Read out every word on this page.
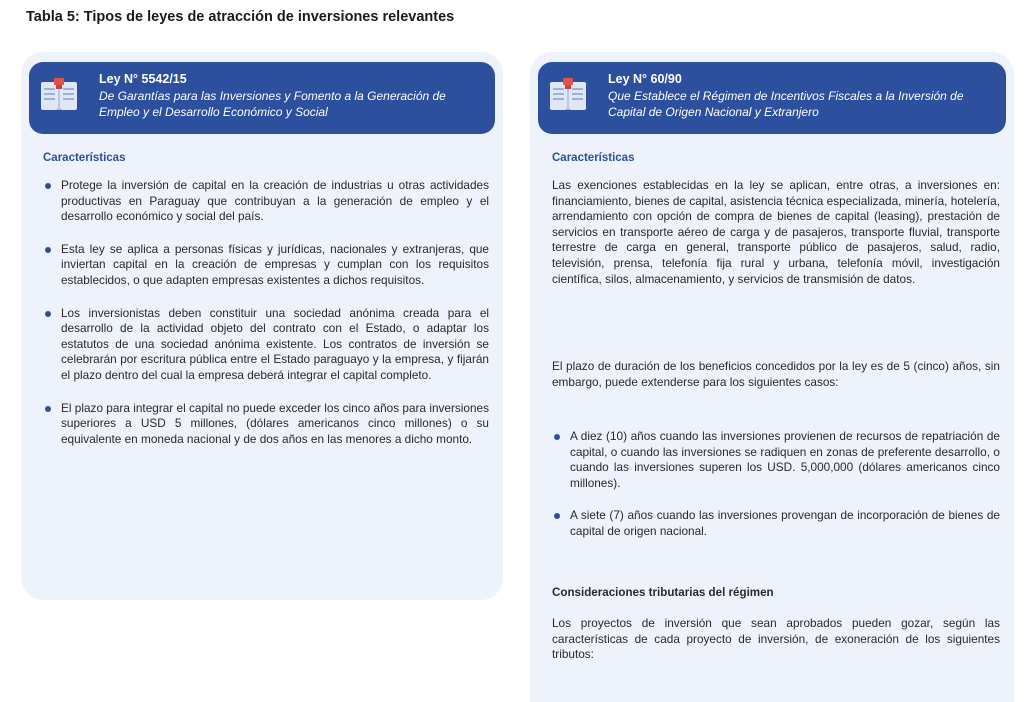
Tabla 5: Tipos de leyes de atracción de inversiones relevantes
Ley N° 5542/15
De Garantías para las Inversiones y Fomento a la Generación de Empleo y el Desarrollo Económico y Social
Características
Protege la inversión de capital en la creación de industrias u otras actividades productivas en Paraguay que contribuyan a la generación de empleo y el desarrollo económico y social del país.
Esta ley se aplica a personas físicas y jurídicas, nacionales y extranjeras, que inviertan capital en la creación de empresas y cumplan con los requisitos establecidos, o que adapten empresas existentes a dichos requisitos.
Los inversionistas deben constituir una sociedad anónima creada para el desarrollo de la actividad objeto del contrato con el Estado, o adaptar los estatutos de una sociedad anónima existente. Los contratos de inversión se celebrarán por escritura pública entre el Estado paraguayo y la empresa, y fijarán el plazo dentro del cual la empresa deberá integrar el capital completo.
El plazo para integrar el capital no puede exceder los cinco años para inversiones superiores a USD 5 millones, (dólares americanos cinco millones) o su equivalente en moneda nacional y de dos años en las menores a dicho monto.
Ley N° 60/90
Que Establece el Régimen de Incentivos Fiscales a la Inversión de Capital de Origen Nacional y Extranjero
Características
Las exenciones establecidas en la ley se aplican, entre otras, a inversiones en: financiamiento, bienes de capital, asistencia técnica especializada, minería, hotelería, arrendamiento con opción de compra de bienes de capital (leasing), prestación de servicios en transporte aéreo de carga y de pasajeros, transporte fluvial, transporte terrestre de carga en general, transporte público de pasajeros, salud, radio, televisión, prensa, telefonía fija rural y urbana, telefonía móvil, investigación científica, silos, almacenamiento, y servicios de transmisión de datos.
El plazo de duración de los beneficios concedidos por la ley es de 5 (cinco) años, sin embargo, puede extenderse para los siguientes casos:
A diez (10) años cuando las inversiones provienen de recursos de repatriación de capital, o cuando las inversiones se radiquen en zonas de preferente desarrollo, o cuando las inversiones superen los USD. 5,000,000 (dólares americanos cinco millones).
A siete (7) años cuando las inversiones provengan de incorporación de bienes de capital de origen nacional.
Consideraciones tributarias del régimen
Los proyectos de inversión que sean aprobados pueden gozar, según las características de cada proyecto de inversión, de exoneración de los siguientes tributos:
